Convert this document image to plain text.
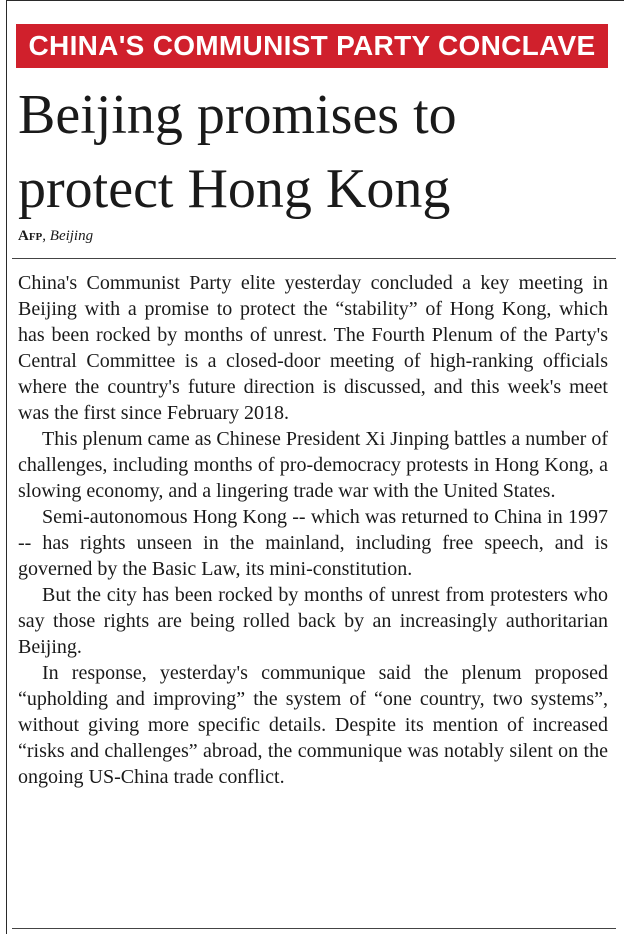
CHINA'S COMMUNIST PARTY CONCLAVE
Beijing promises to protect Hong Kong
Afp, Beijing

China's Communist Party elite yesterday concluded a key meeting in Beijing with a promise to protect the “stability” of Hong Kong, which has been rocked by months of unrest. The Fourth Plenum of the Party's Central Committee is a closed-door meeting of high-ranking officials where the country's future direction is discussed, and this week's meet was the first since February 2018.

This plenum came as Chinese President Xi Jinping battles a number of challenges, including months of pro-democracy protests in Hong Kong, a slowing economy, and a lingering trade war with the United States.

Semi-autonomous Hong Kong -- which was returned to China in 1997 -- has rights unseen in the mainland, including free speech, and is governed by the Basic Law, its mini-constitution.

But the city has been rocked by months of unrest from protesters who say those rights are being rolled back by an increasingly authoritarian Beijing.

In response, yesterday's communique said the plenum proposed “upholding and improving” the system of “one country, two systems”, without giving more specific details. Despite its mention of increased “risks and challenges” abroad, the communique was notably silent on the ongoing US-China trade conflict.
